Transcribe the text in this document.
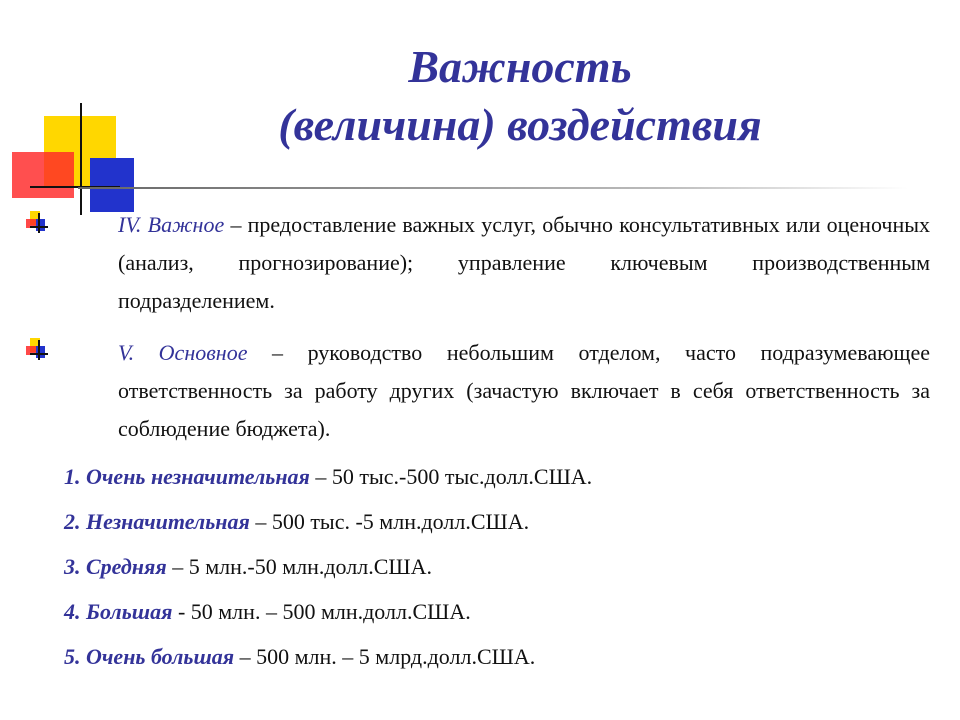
Важность
(величина) воздействия

IV. Важное – предоставление важных услуг, обычно консультативных или оценочных (анализ, прогнозирование); управление ключевым производственным подразделением.

V. Основное – руководство небольшим отделом, часто подразумевающее ответственность за работу других (зачастую включает в себя ответственность за соблюдение бюджета).

1. Очень незначительная – 50 тыс.-500 тыс.долл.США.
2. Незначительная – 500 тыс. -5 млн.долл.США.
3. Средняя – 5 млн.-50 млн.долл.США.
4. Большая - 50 млн. – 500 млн.долл.США.
5. Очень большая – 500 млн. – 5 млрд.долл.США.
